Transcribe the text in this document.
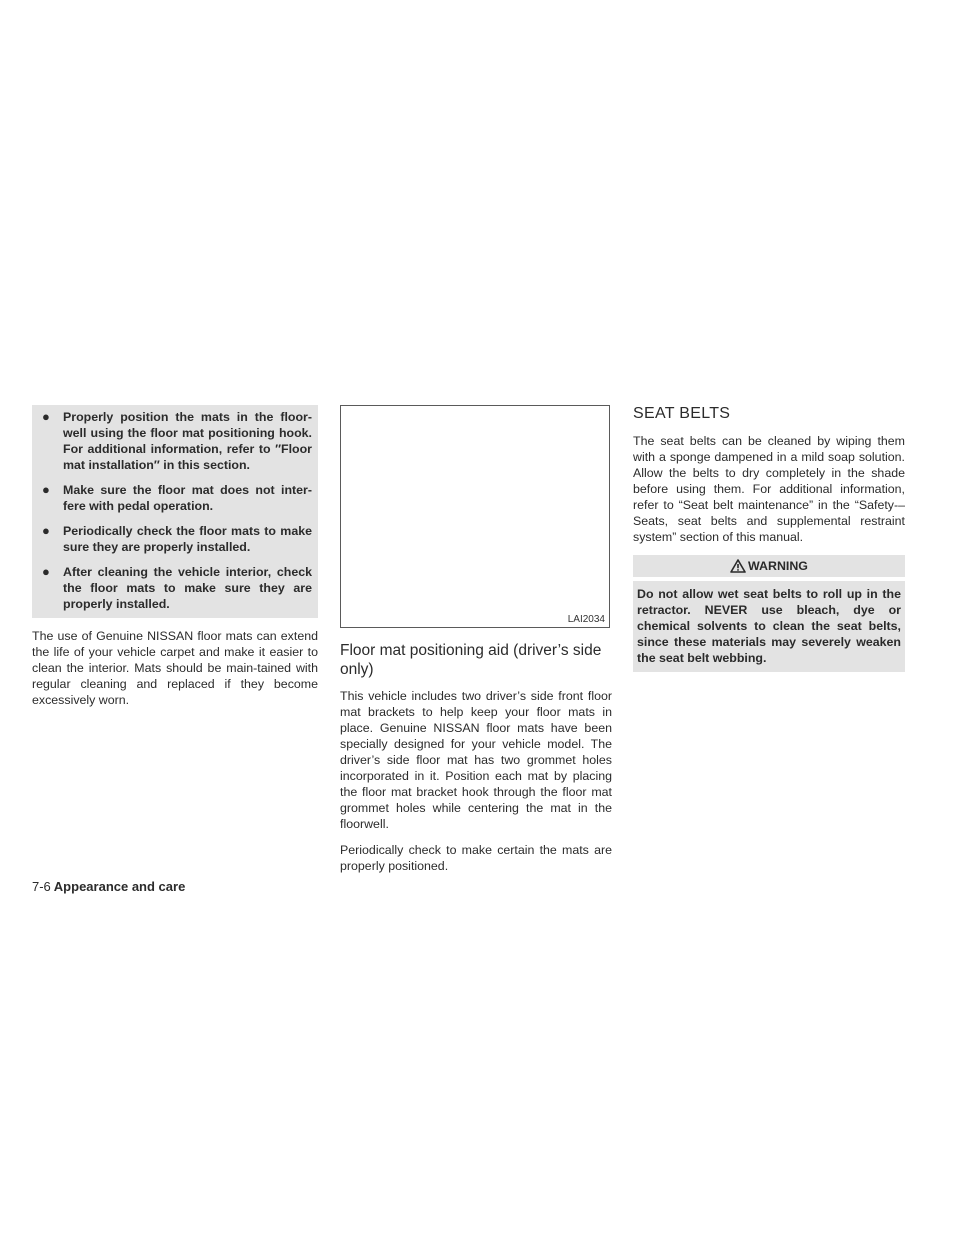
● Properly position the mats in the floor-well using the floor mat positioning hook. For additional information, refer to ″Floor mat installation″ in this section.
● Make sure the floor mat does not inter-fere with pedal operation.
● Periodically check the floor mats to make sure they are properly installed.
● After cleaning the vehicle interior, check the floor mats to make sure they are properly installed.

The use of Genuine NISSAN floor mats can extend the life of your vehicle carpet and make it easier to clean the interior. Mats should be main-tained with regular cleaning and replaced if they become excessively worn.

LAI2034
Floor mat positioning aid (driver’s side only)

This vehicle includes two driver’s side front floor mat brackets to help keep your floor mats in place. Genuine NISSAN floor mats have been specially designed for your vehicle model. The driver’s side floor mat has two grommet holes incorporated in it. Position each mat by placing the floor mat bracket hook through the floor mat grommet holes while centering the mat in the floorwell.

Periodically check to make certain the mats are properly positioned.

SEAT BELTS

The seat belts can be cleaned by wiping them with a sponge dampened in a mild soap solution. Allow the belts to dry completely in the shade before using them. For additional information, refer to “Seat belt maintenance” in the “Safety-–Seats, seat belts and supplemental restraint system” section of this manual.

WARNING
Do not allow wet seat belts to roll up in the retractor. NEVER use bleach, dye or chemical solvents to clean the seat belts, since these materials may severely weaken the seat belt webbing.
7-6 Appearance and care
